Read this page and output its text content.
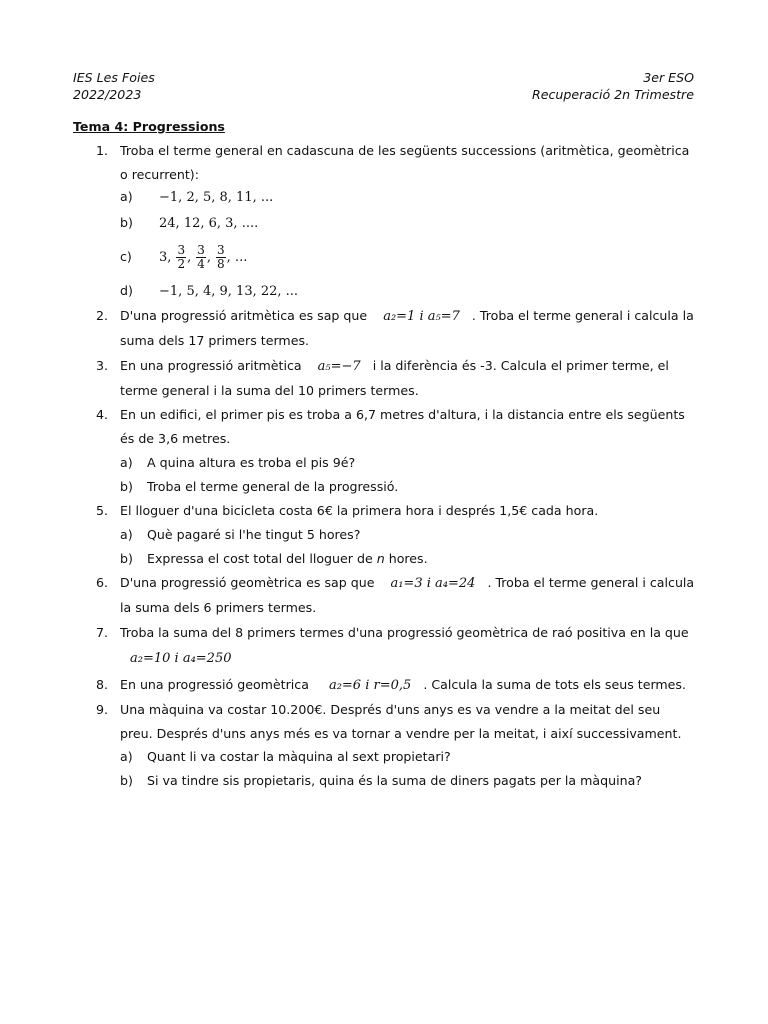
IES Les Foies
2022/2023
3er ESO
Recuperació 2n Trimestre
Tema 4: Progressions
1. Troba el terme general en cadascuna de les següents successions (aritmètica, geomètrica o recurrent):
a) −1, 2, 5, 8, 11, ...
b) 24, 12, 6, 3, ....
c) 3, $\frac{3}{2}$ , $\frac{3}{4}$ , $\frac{3}{8}$ , ...
d) −1, 5, 4, 9, 13, 22, ...
2. D'una progressió aritmètica es sap que a₂=1 i a₅=7 . Troba el terme general i calcula la suma dels 17 primers termes.
3. En una progressió aritmètica a₅=−7 i la diferència és -3. Calcula el primer terme, el terme general i la suma del 10 primers termes.
4. En un edifici, el primer pis es troba a 6,7 metres d'altura, i la distancia entre els següents és de 3,6 metres.
a) A quina altura es troba el pis 9é?
b) Troba el terme general de la progressió.
5. El lloguer d'una bicicleta costa 6€ la primera hora i després 1,5€ cada hora.
a) Què pagaré si l'he tingut 5 hores?
b) Expressa el cost total del lloguer de n hores.
6. D'una progressió geomètrica es sap que a₁=3 i a₄=24 . Troba el terme general i calcula la suma dels 6 primers termes.
7. Troba la suma del 8 primers termes d'una progressió geomètrica de raó positiva en la que
a₂=10 i a₄=250
8. En una progressió geomètrica a₂=6 i r=0,5 . Calcula la suma de tots els seus termes.
9. Una màquina va costar 10.200€. Després d'uns anys es va vendre a la meitat del seu preu. Després d'uns anys més es va tornar a vendre per la meitat, i així successivament.
a) Quant li va costar la màquina al sext propietari?
b) Si va tindre sis propietaris, quina és la suma de diners pagats per la màquina?
